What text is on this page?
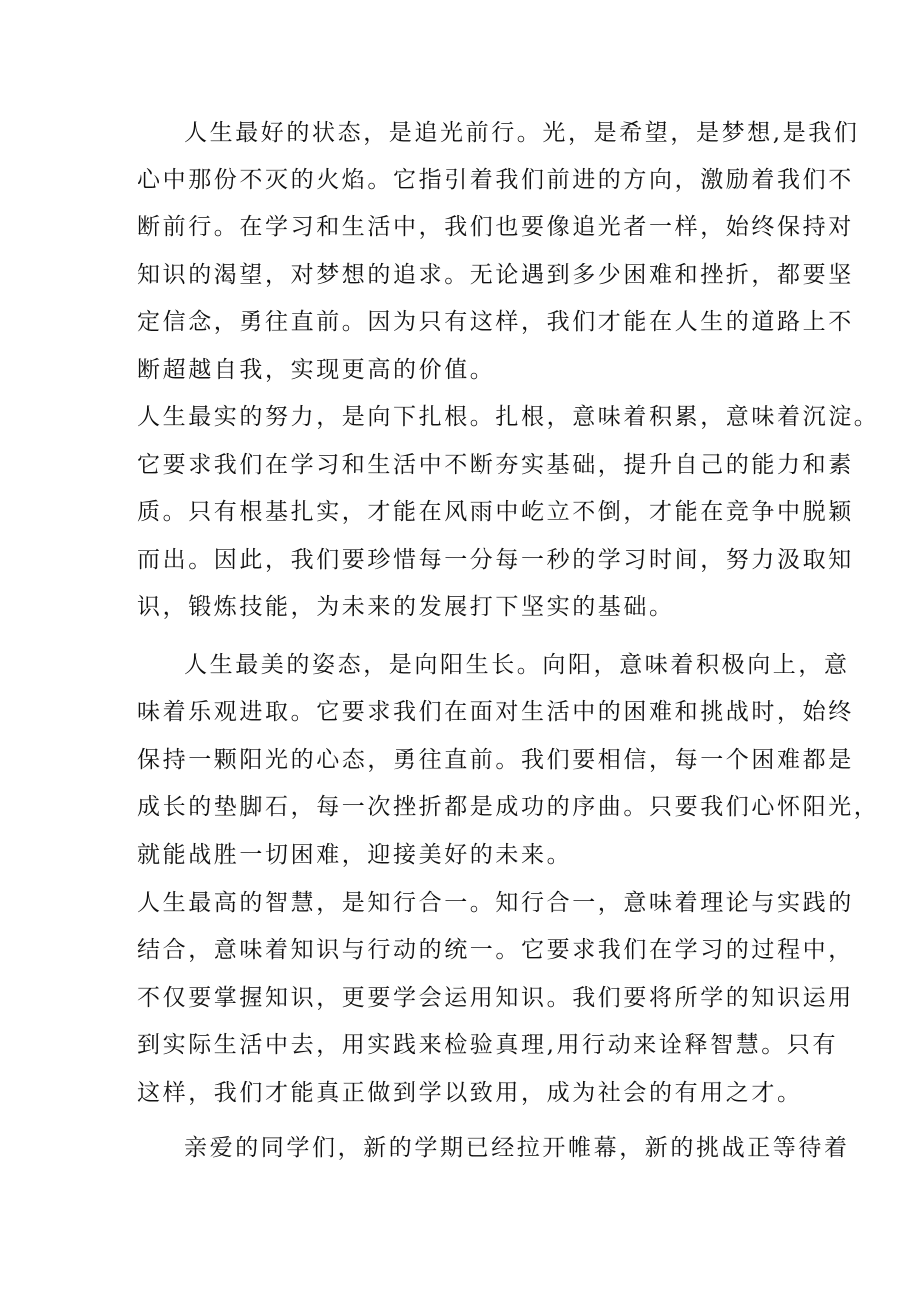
人生最好的状态，是追光前行。光，是希望，是梦想,是我们

心中那份不灭的火焰。它指引着我们前进的方向，激励着我们不

断前行。在学习和生活中，我们也要像追光者一样，始终保持对

知识的渴望，对梦想的追求。无论遇到多少困难和挫折，都要坚

定信念，勇往直前。因为只有这样，我们才能在人生的道路上不

断超越自我，实现更高的价值。

人生最实的努力，是向下扎根。扎根，意味着积累，意味着沉淀。

它要求我们在学习和生活中不断夯实基础，提升自己的能力和素

质。只有根基扎实，才能在风雨中屹立不倒，才能在竞争中脱颖

而出。因此，我们要珍惜每一分每一秒的学习时间，努力汲取知

识，锻炼技能，为未来的发展打下坚实的基础。

人生最美的姿态，是向阳生长。向阳，意味着积极向上，意

味着乐观进取。它要求我们在面对生活中的困难和挑战时，始终

保持一颗阳光的心态，勇往直前。我们要相信，每一个困难都是

成长的垫脚石，每一次挫折都是成功的序曲。只要我们心怀阳光，

就能战胜一切困难，迎接美好的未来。

人生最高的智慧，是知行合一。知行合一，意味着理论与实践的

结合，意味着知识与行动的统一。它要求我们在学习的过程中，

不仅要掌握知识，更要学会运用知识。我们要将所学的知识运用

到实际生活中去，用实践来检验真理,用行动来诠释智慧。只有

这样，我们才能真正做到学以致用，成为社会的有用之才。

亲爱的同学们，新的学期已经拉开帷幕，新的挑战正等待着
